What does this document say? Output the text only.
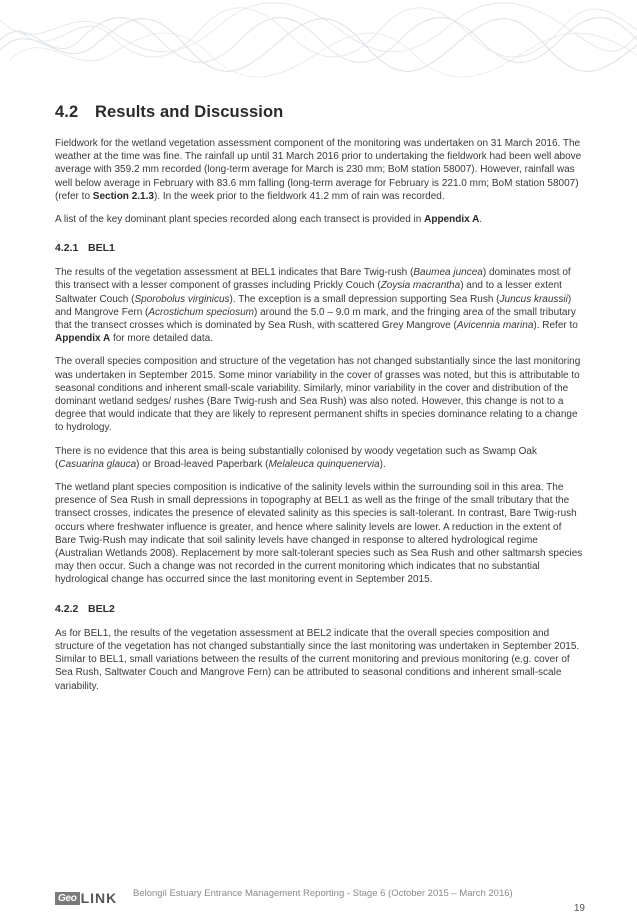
4.2 Results and Discussion

Fieldwork for the wetland vegetation assessment component of the monitoring was undertaken on 31 March 2016. The weather at the time was fine. The rainfall up until 31 March 2016 prior to undertaking the fieldwork had been well above average with 359.2 mm recorded (long-term average for March is 230 mm; BoM station 58007). However, rainfall was well below average in February with 83.6 mm falling (long-term average for February is 221.0 mm; BoM station 58007) (refer to Section 2.1.3). In the week prior to the fieldwork 41.2 mm of rain was recorded.

A list of the key dominant plant species recorded along each transect is provided in Appendix A.

4.2.1 BEL1

The results of the vegetation assessment at BEL1 indicates that Bare Twig-rush (Baumea juncea) dominates most of this transect with a lesser component of grasses including Prickly Couch (Zoysia macrantha) and to a lesser extent Saltwater Couch (Sporobolus virginicus). The exception is a small depression supporting Sea Rush (Juncus kraussii) and Mangrove Fern (Acrostichum speciosum) around the 5.0 – 9.0 m mark, and the fringing area of the small tributary that the transect crosses which is dominated by Sea Rush, with scattered Grey Mangrove (Avicennia marina). Refer to Appendix A for more detailed data.

The overall species composition and structure of the vegetation has not changed substantially since the last monitoring was undertaken in September 2015. Some minor variability in the cover of grasses was noted, but this is attributable to seasonal conditions and inherent small-scale variability. Similarly, minor variability in the cover and distribution of the dominant wetland sedges/ rushes (Bare Twig-rush and Sea Rush) was also noted. However, this change is not to a degree that would indicate that they are likely to represent permanent shifts in species dominance relating to a change to hydrology.

There is no evidence that this area is being substantially colonised by woody vegetation such as Swamp Oak (Casuarina glauca) or Broad-leaved Paperbark (Melaleuca quinquenervia).

The wetland plant species composition is indicative of the salinity levels within the surrounding soil in this area. The presence of Sea Rush in small depressions in topography at BEL1 as well as the fringe of the small tributary that the transect crosses, indicates the presence of elevated salinity as this species is salt-tolerant. In contrast, Bare Twig-rush occurs where freshwater influence is greater, and hence where salinity levels are lower. A reduction in the extent of Bare Twig-Rush may indicate that soil salinity levels have changed in response to altered hydrological regime (Australian Wetlands 2008). Replacement by more salt-tolerant species such as Sea Rush and other saltmarsh species may then occur. Such a change was not recorded in the current monitoring which indicates that no substantial hydrological change has occurred since the last monitoring event in September 2015.

4.2.2 BEL2

As for BEL1, the results of the vegetation assessment at BEL2 indicate that the overall species composition and structure of the vegetation has not changed substantially since the last monitoring was undertaken in September 2015. Similar to BEL1, small variations between the results of the current monitoring and previous monitoring (e.g. cover of Sea Rush, Saltwater Couch and Mangrove Fern) can be attributed to seasonal conditions and inherent small-scale variability.

Geo LINK Belongil Estuary Entrance Management Reporting - Stage 6 (October 2015 – March 2016)
19
